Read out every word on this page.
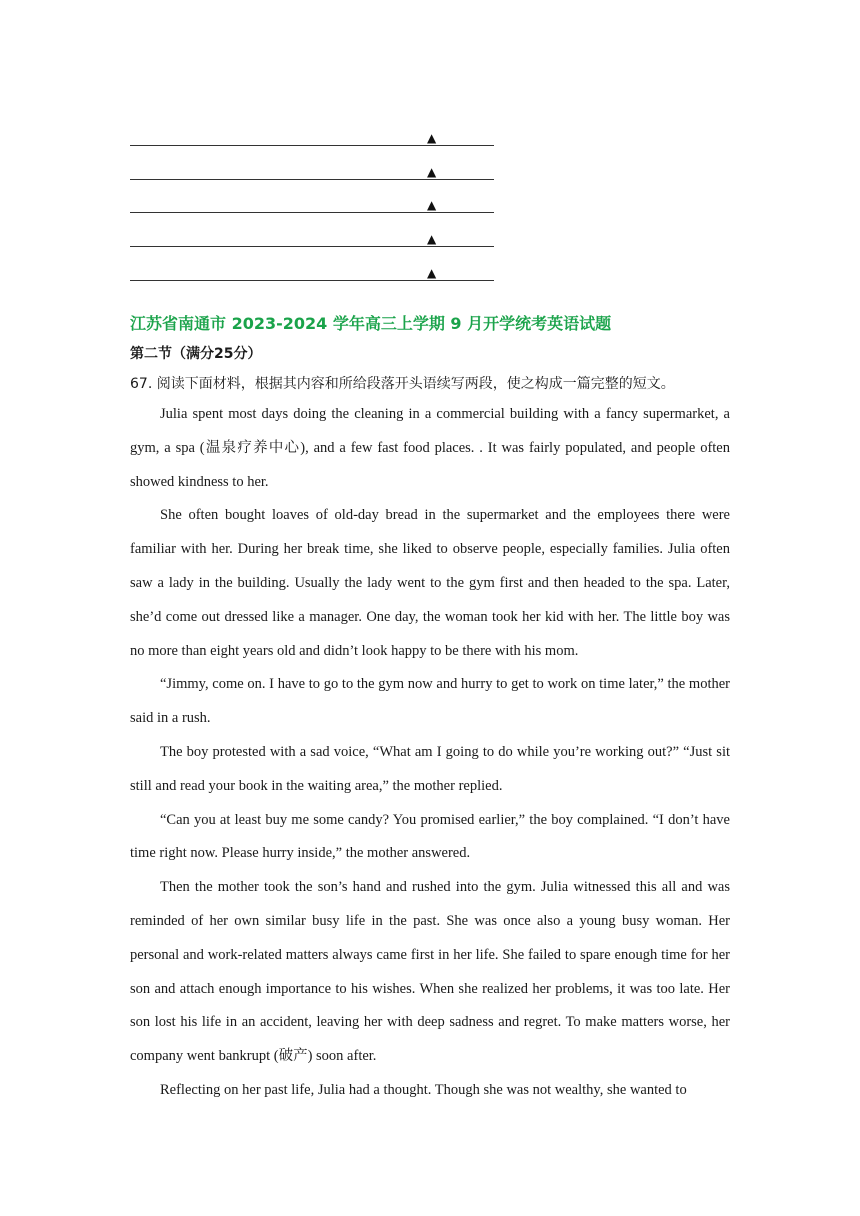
▲
▲
▲
▲
▲

江苏省南通市 2023-2024 学年高三上学期 9 月开学统考英语试题

第二节（满分25分）

67. 阅读下面材料，根据其内容和所给段落开头语续写两段，使之构成一篇完整的短文。

Julia spent most days doing the cleaning in a commercial building with a fancy supermarket, a gym, a spa (温泉疗养中心), and a few fast food places. . It was fairly populated, and people often showed kindness to her.

She often bought loaves of old-day bread in the supermarket and the employees there were familiar with her. During her break time, she liked to observe people, especially families. Julia often saw a lady in the building. Usually the lady went to the gym first and then headed to the spa. Later, she’d come out dressed like a manager. One day, the woman took her kid with her. The little boy was no more than eight years old and didn’t look happy to be there with his mom.

“Jimmy, come on. I have to go to the gym now and hurry to get to work on time later,” the mother said in a rush.

The boy protested with a sad voice, “What am I going to do while you’re working out?” “Just sit still and read your book in the waiting area,” the mother replied.

“Can you at least buy me some candy? You promised earlier,” the boy complained. “I don’t have time right now. Please hurry inside,” the mother answered.

Then the mother took the son’s hand and rushed into the gym. Julia witnessed this all and was reminded of her own similar busy life in the past. She was once also a young busy woman. Her personal and work-related matters always came first in her life. She failed to spare enough time for her son and attach enough importance to his wishes. When she realized her problems, it was too late. Her son lost his life in an accident, leaving her with deep sadness and regret. To make matters worse, her company went bankrupt (破产) soon after.

Reflecting on her past life, Julia had a thought. Though she was not wealthy, she wanted to
